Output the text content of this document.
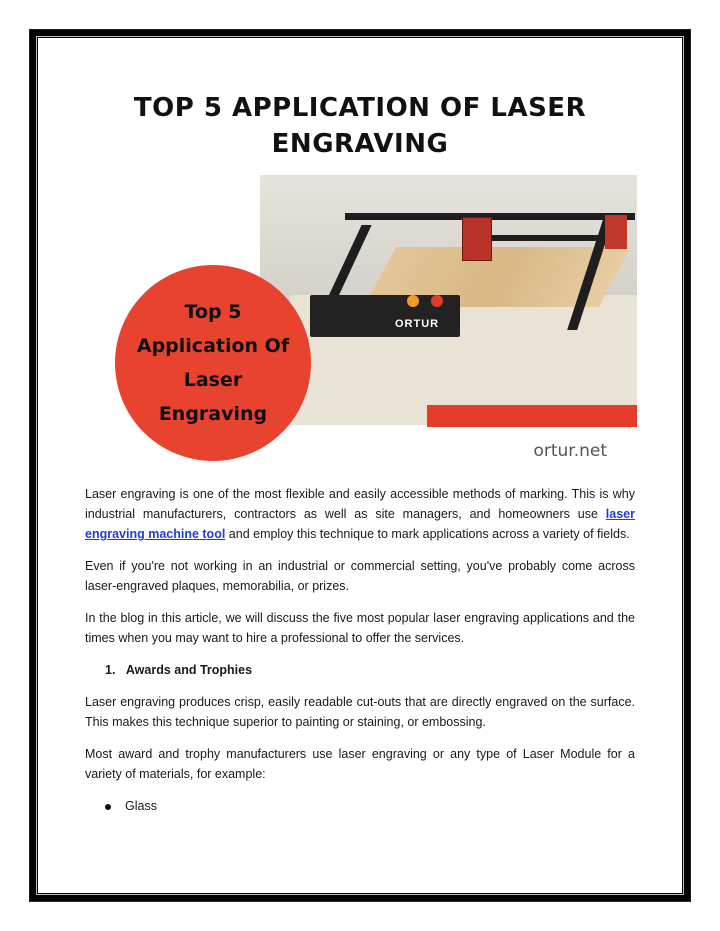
TOP 5 APPLICATION OF LASER ENGRAVING
ORTUR
Top 5
Application Of
Laser
Engraving
ortur.net

Laser engraving is one of the most flexible and easily accessible methods of marking. This is why industrial manufacturers, contractors as well as site managers, and homeowners use laser engraving machine tool and employ this technique to mark applications across a variety of fields.

Even if you're not working in an industrial or commercial setting, you've probably come across laser-engraved plaques, memorabilia, or prizes.

In the blog in this article, we will discuss the five most popular laser engraving applications and the times when you may want to hire a professional to offer the services.

1. Awards and Trophies

Laser engraving produces crisp, easily readable cut-outs that are directly engraved on the surface. This makes this technique superior to painting or staining, or embossing.

Most award and trophy manufacturers use laser engraving or any type of Laser Module for a variety of materials, for example:

Glass
